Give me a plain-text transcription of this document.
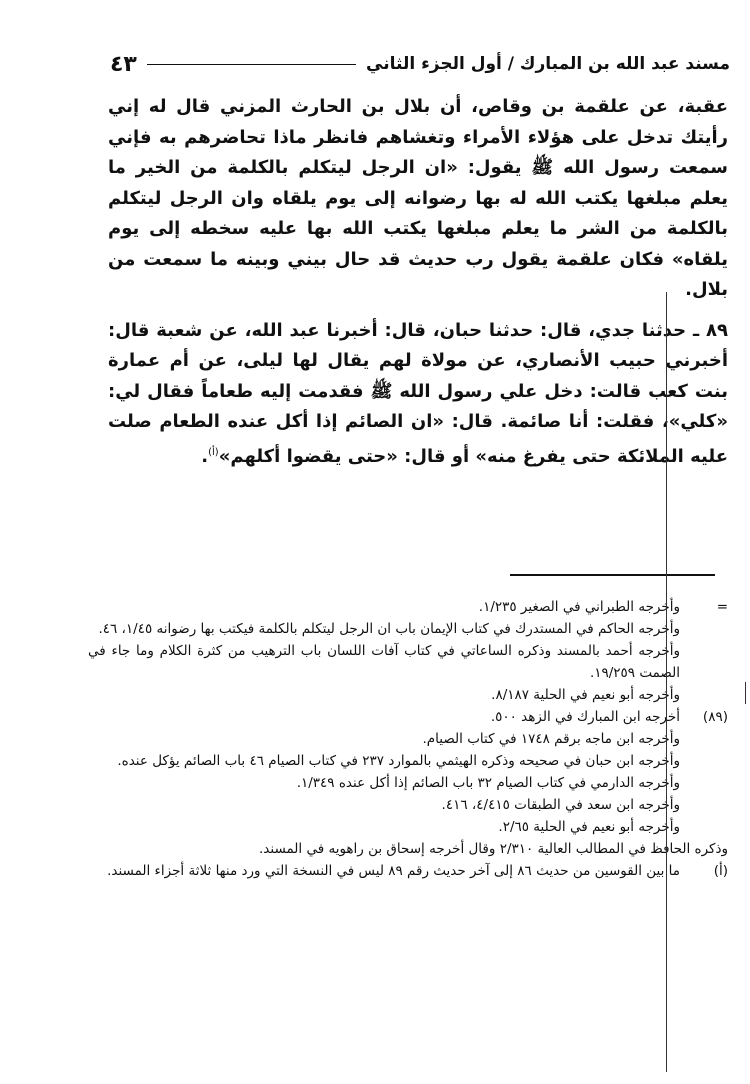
مسند عبد الله بن المبارك / أول الجزء الثاني
٤٣

عقبة، عن علقمة بن وقاص، أن بلال بن الحارث المزني قال له إني رأيتك تدخل على هؤلاء الأمراء وتغشاهم فانظر ماذا تحاضرهم به فإني سمعت رسول الله ﷺ يقول: «ان الرجل ليتكلم بالكلمة من الخير ما يعلم مبلغها يكتب الله له بها رضوانه إلى يوم يلقاه وان الرجل ليتكلم بالكلمة من الشر ما يعلم مبلغها يكتب الله بها عليه سخطه إلى يوم يلقاه» فكان علقمة يقول رب حديث قد حال بيني وبينه ما سمعت من بلال.

٨٩ ـ حدثنا جدي، قال: حدثنا حبان، قال: أخبرنا عبد الله، عن شعبة قال: أخبرني حبيب الأنصاري، عن مولاة لهم يقال لها ليلى، عن أم عمارة بنت كعب قالت: دخل علي رسول الله ﷺ فقدمت إليه طعاماً فقال لي: «كلي»، فقلت: أنا صائمة. قال: «ان الصائم إذا أكل عنده الطعام صلت عليه الملائكة حتى يفرغ منه» أو قال: «حتى يقضوا أكلهم»$^{(أ)}$.

=
وأخرجه الطبراني في الصغير ١/٢٣٥.
وأخرجه الحاكم في المستدرك في كتاب الإيمان باب ان الرجل ليتكلم بالكلمة فيكتب بها رضوانه ١/٤٥، ٤٦.
وأخرجه أحمد بالمسند وذكره الساعاتي في كتاب آفات اللسان باب الترهيب من كثرة الكلام وما جاء في الصمت ١٩/٢٥٩.
وأخرجه أبو نعيم في الحلية ٨/١٨٧.
(٨٩)
أخرجه ابن المبارك في الزهد ٥٠٠.
وأخرجه ابن ماجه برقم ١٧٤٨ في كتاب الصيام.
وأخرجه ابن حبان في صحيحه وذكره الهيثمي بالموارد ٢٣٧ في كتاب الصيام ٤٦ باب الصائم يؤكل عنده.
وأخرجه الدارمي في كتاب الصيام ٣٢ باب الصائم إذا أكل عنده ١/٣٤٩.
وأخرجه ابن سعد في الطبقات ٤/٤١٥، ٤١٦.
وأخرجه أبو نعيم في الحلية ٢/٦٥.
وذكره الحافظ في المطالب العالية ٢/٣١٠ وقال أخرجه إسحاق بن راهويه في المسند.
(أ)
ما بين القوسين من حديث ٨٦ إلى آخر حديث رقم ٨٩ ليس في النسخة التي ورد منها ثلاثة أجزاء المسند.
